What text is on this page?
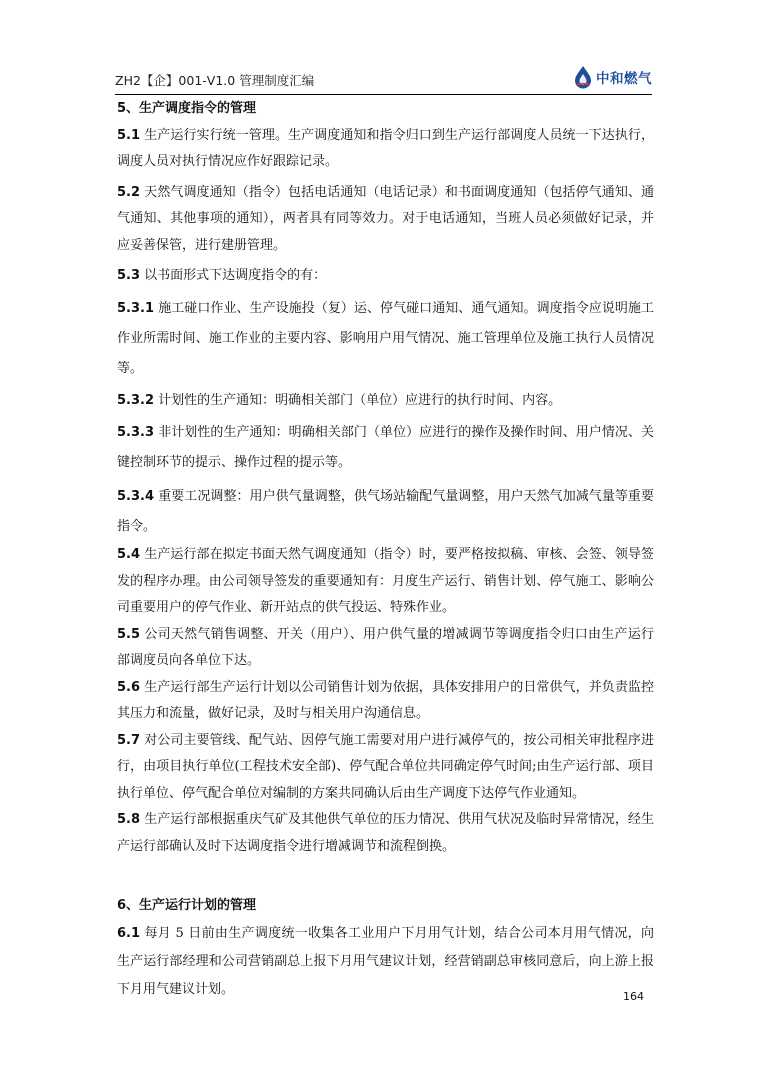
ZH2【企】001-V1.0 管理制度汇编	中和燃气

5、生产调度指令的管理

5.1 生产运行实行统一管理。生产调度通知和指令归口到生产运行部调度人员统一下达执行，调度人员对执行情况应作好跟踪记录。

5.2 天然气调度通知（指令）包括电话通知（电话记录）和书面调度通知（包括停气通知、通气通知、其他事项的通知），两者具有同等效力。对于电话通知，当班人员必须做好记录，并应妥善保管，进行建册管理。

5.3 以书面形式下达调度指令的有：

5.3.1 施工碰口作业、生产设施投（复）运、停气碰口通知、通气通知。调度指令应说明施工作业所需时间、施工作业的主要内容、影响用户用气情况、施工管理单位及施工执行人员情况等。

5.3.2 计划性的生产通知：明确相关部门（单位）应进行的执行时间、内容。

5.3.3 非计划性的生产通知：明确相关部门（单位）应进行的操作及操作时间、用户情况、关键控制环节的提示、操作过程的提示等。

5.3.4 重要工况调整：用户供气量调整，供气场站输配气量调整，用户天然气加减气量等重要指令。

5.4 生产运行部在拟定书面天然气调度通知（指令）时，要严格按拟稿、审核、会签、领导签发的程序办理。由公司领导签发的重要通知有：月度生产运行、销售计划、停气施工、影响公司重要用户的停气作业、新开站点的供气投运、特殊作业。

5.5 公司天然气销售调整、开关（用户）、用户供气量的增减调节等调度指令归口由生产运行部调度员向各单位下达。

5.6 生产运行部生产运行计划以公司销售计划为依据，具体安排用户的日常供气，并负责监控其压力和流量，做好记录，及时与相关用户沟通信息。

5.7 对公司主要管线、配气站、因停气施工需要对用户进行减停气的，按公司相关审批程序进行，由项目执行单位(工程技术安全部)、停气配合单位共同确定停气时间;由生产运行部、项目执行单位、停气配合单位对编制的方案共同确认后由生产调度下达停气作业通知。

5.8 生产运行部根据重庆气矿及其他供气单位的压力情况、供用气状况及临时异常情况，经生产运行部确认及时下达调度指令进行增减调节和流程倒换。

6、生产运行计划的管理

6.1 每月 5 日前由生产调度统一收集各工业用户下月用气计划，结合公司本月用气情况，向生产运行部经理和公司营销副总上报下月用气建议计划，经营销副总审核同意后，向上游上报下月用气建议计划。	164
